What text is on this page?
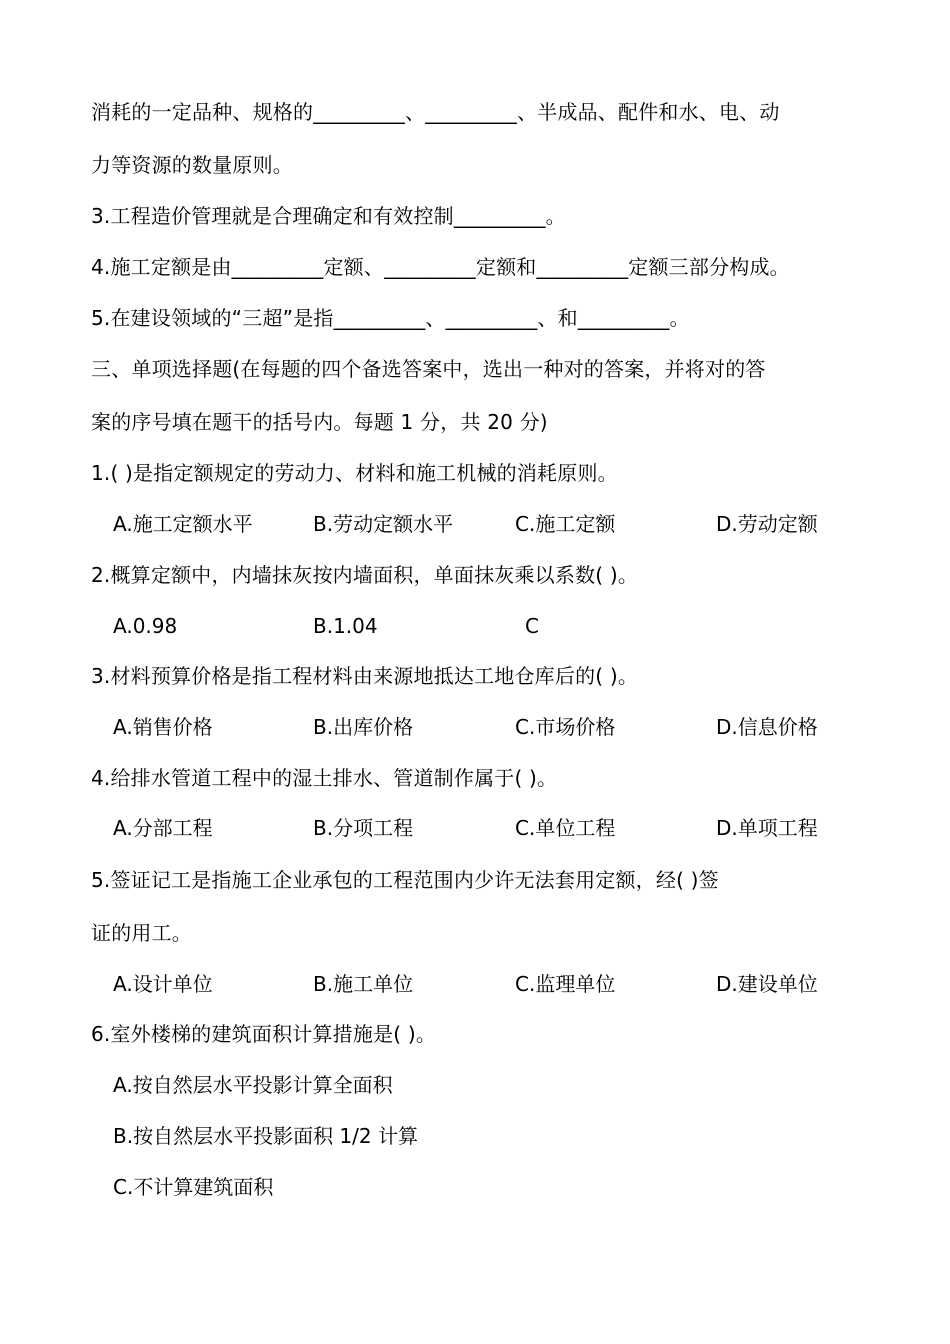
消耗的一定品种、规格的_________、_________、半成品、配件和水、电、动
力等资源的数量原则。
3.工程造价管理就是合理确定和有效控制_________。
4.施工定额是由_________定额、_________定额和_________定额三部分构成。
5.在建设领域的“三超”是指_________、_________、和_________。
三、单项选择题(在每题的四个备选答案中，选出一种对的答案，并将对的答
案的序号填在题干的括号内。每题 1 分，共 20 分)
1.( )是指定额规定的劳动力、材料和施工机械的消耗原则。
A.施工定额水平	B.劳动定额水平	C.施工定额	D.劳动定额
2.概算定额中，内墙抹灰按内墙面积，单面抹灰乘以系数( )。
A.0.98	B.1.04	C
3.材料预算价格是指工程材料由来源地抵达工地仓库后的( )。
A.销售价格	B.出库价格	C.市场价格	D.信息价格
4.给排水管道工程中的湿土排水、管道制作属于( )。
A.分部工程	B.分项工程	C.单位工程	D.单项工程
5.签证记工是指施工企业承包的工程范围内少许无法套用定额，经( )签
证的用工。
A.设计单位	B.施工单位	C.监理单位	D.建设单位
6.室外楼梯的建筑面积计算措施是( )。
A.按自然层水平投影计算全面积
B.按自然层水平投影面积 1/2 计算
C.不计算建筑面积
